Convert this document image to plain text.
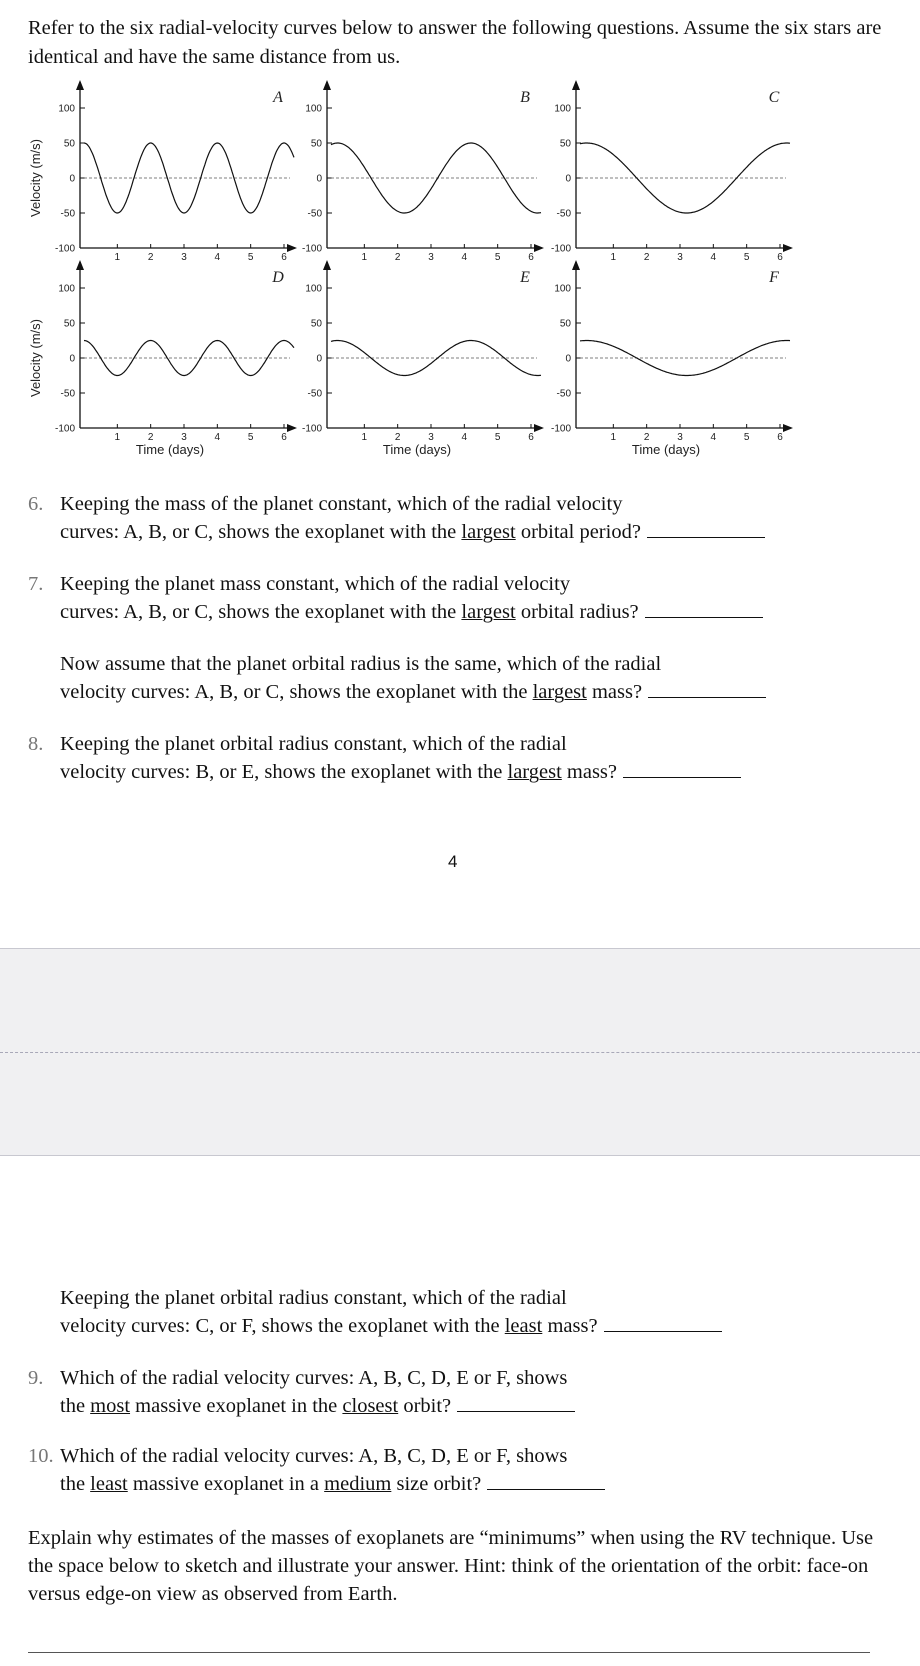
Refer to the six radial-velocity curves below to answer the following questions. Assume the six stars are identical and have the same distance from us.
100
50
0
-50
-100
1	2	3	4	5	6
A
Velocity (m/s)
100
50
0
-50
-100
1	2	3	4	5	6
B
100
50
0
-50
-100
1	2	3	4	5	6
C
100
50
0
-50
-100
1	2	3	4	5	6
D
Time (days)
Velocity (m/s)
100
50
0
-50
-100
1	2	3	4	5	6
E
Time (days)
100
50
0
-50
-100
1	2	3	4	5	6
F
Time (days)
6. Keeping the mass of the planet constant, which of the radial velocity
curves: A, B, or C, shows the exoplanet with the largest orbital period?
7. Keeping the planet mass constant, which of the radial velocity
curves: A, B, or C, shows the exoplanet with the largest orbital radius?
Now assume that the planet orbital radius is the same, which of the radial
velocity curves: A, B, or C, shows the exoplanet with the largest mass?
8. Keeping the planet orbital radius constant, which of the radial
velocity curves: B, or E, shows the exoplanet with the largest mass?
4
Keeping the planet orbital radius constant, which of the radial
velocity curves: C, or F, shows the exoplanet with the least mass?
9. Which of the radial velocity curves: A, B, C, D, E or F, shows
the most massive exoplanet in the closest orbit?
10. Which of the radial velocity curves: A, B, C, D, E or F, shows
the least massive exoplanet in a medium size orbit?
Explain why estimates of the masses of exoplanets are “minimums” when using the RV technique. Use the space below to sketch and illustrate your answer. Hint: think of the orientation of the orbit: face-on versus edge-on view as observed from Earth.
